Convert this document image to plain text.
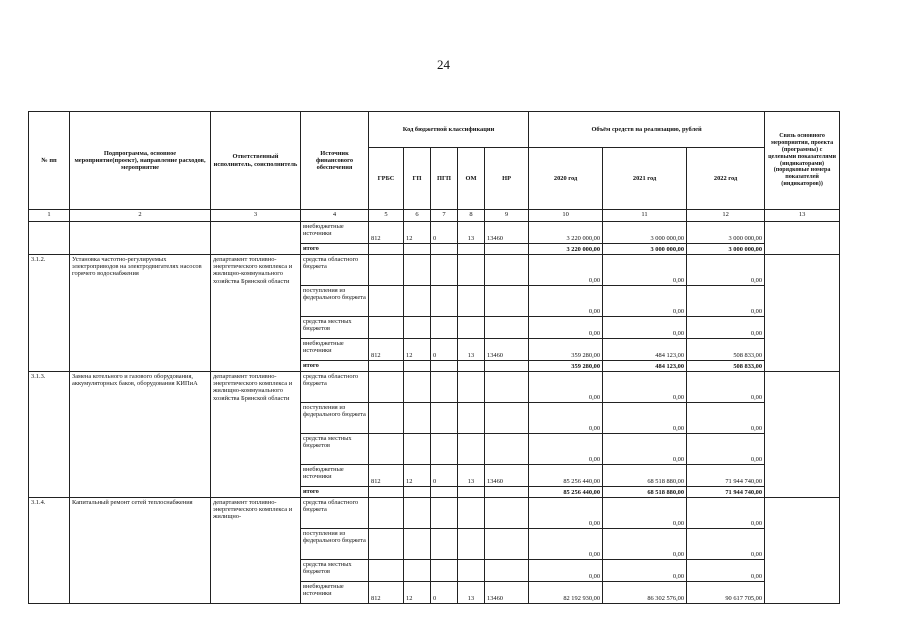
24
№ пп	Подпрограмма, основное мероприятие(проект), направление расходов, мероприятие	Ответственный исполнитель, соисполнитель	Источник финансового обеспечения	Код бюджетной классификации					Объём средств на реализацию, рублей			Связь основного мероприятия, проекта (программы) с целевыми показателями (индикаторами) (порядковые номера показателей (индикаторов))
				ГРБС	ГП	ПГП	ОМ	НР	2020 год	2021 год	2022 год	
1	2	3	4	5	6	7	8	9	10	11	12	13
			внебюджетные источники	812	12	0	13	13460	3 220 000,00	3 000 000,00	3 000 000,00	
			итого						3 220 000,00	3 000 000,00	3 000 000,00	
3.1.2.	Установка частотно-регулируемых электроприводов на электродвигателях насосов горячего водоснабжения	департамент топливно-энергетического комплекса и жилищно-коммунального хозяйства Брянской области	средства областного бюджета						0,00	0,00	0,00	
			поступления из федерального бюджета						0,00	0,00	0,00	
			средства местных бюджетов						0,00	0,00	0,00	
			внебюджетные источники	812	12	0	13	13460	359 280,00	484 123,00	508 833,00	
			итого						359 280,00	484 123,00	508 833,00	
3.1.3.	Замена котельного и газового оборудования, аккумуляторных баков, оборудования КИПиА	департамент топливно-энергетического комплекса и жилищно-коммунального хозяйства Брянской области	средства областного бюджета						0,00	0,00	0,00	
			поступления из федерального бюджета						0,00	0,00	0,00	
			средства местных бюджетов						0,00	0,00	0,00	
			внебюджетные источники	812	12	0	13	13460	85 256 440,00	68 518 880,00	71 944 740,00	
			итого						85 256 440,00	68 518 880,00	71 944 740,00	
3.1.4.	Капитальный ремонт сетей теплоснабжения	департамент топливно-энергетического комплекса и жилищно-	средства областного бюджета						0,00	0,00	0,00	
			поступления из федерального бюджета						0,00	0,00	0,00	
			средства местных бюджетов						0,00	0,00	0,00	
			внебюджетные источники	812	12	0	13	13460	82 192 930,00	86 302 576,00	90 617 705,00	
